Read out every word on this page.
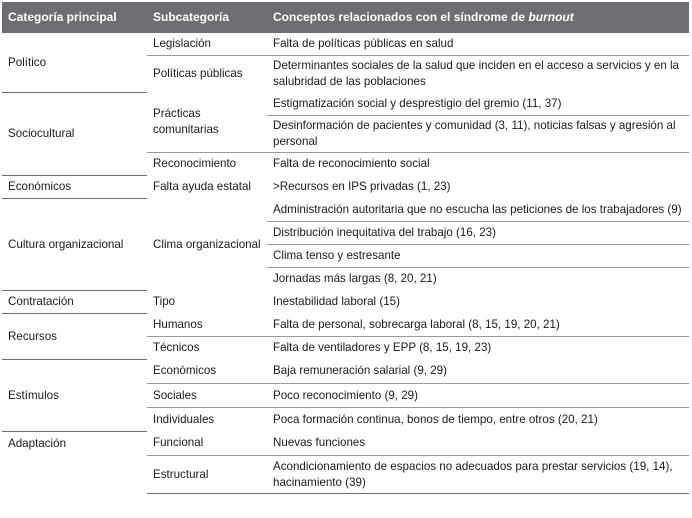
Categoría principal	Subcategoría	Conceptos relacionados con el síndrome de burnout
Político	Legislación	Falta de políticas públicas en salud
	Políticas públicas	Determinantes sociales de la salud que inciden en el acceso a servicios y en la salubridad de las poblaciones
Sociocultural	Prácticas comunitarias	Estigmatización social y desprestigio del gremio (11, 37)
		Desinformación de pacientes y comunidad (3, 11), noticias falsas y agresión al personal
	Reconocimiento	Falta de reconocimiento social
Económicos	Falta ayuda estatal	>Recursos en IPS privadas (1, 23)
Cultura organizacional	Clima organizacional	Administración autoritaria que no escucha las peticiones de los trabajadores (9)
		Distribución inequitativa del trabajo (16, 23)
		Clima tenso y estresante
		Jornadas más largas (8, 20, 21)
Contratación	Tipo	Inestabilidad laboral (15)
Recursos	Humanos	Falta de personal, sobrecarga laboral (8, 15, 19, 20, 21)
	Técnicos	Falta de ventiladores y EPP (8, 15, 19, 23)
Estímulos	Económicos	Baja remuneración salarial (9, 29)
	Sociales	Poco reconocimiento (9, 29)
	Individuales	Poca formación continua, bonos de tiempo, entre otros (20, 21)
Adaptación	Funcional	Nuevas funciones
	Estructural	Acondicionamiento de espacios no adecuados para prestar servicios (19, 14), hacinamiento (39)
